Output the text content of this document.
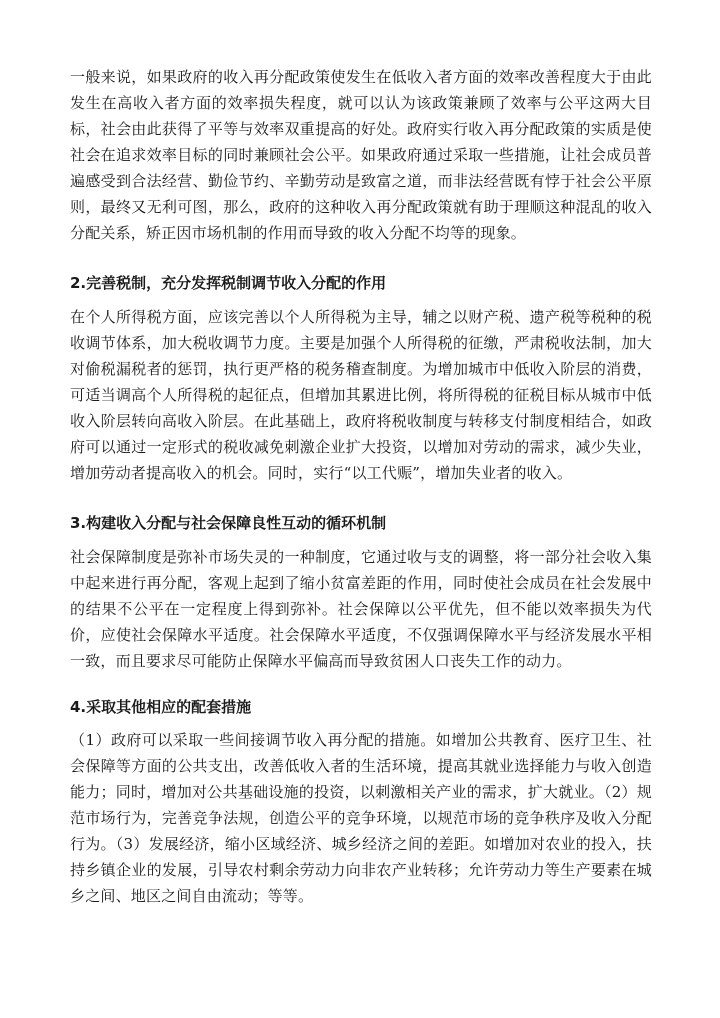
一般来说，如果政府的收入再分配政策使发生在低收入者方面的效率改善程度大于由此发生在高收入者方面的效率损失程度，就可以认为该政策兼顾了效率与公平这两大目标，社会由此获得了平等与效率双重提高的好处。政府实行收入再分配政策的实质是使社会在追求效率目标的同时兼顾社会公平。如果政府通过采取一些措施，让社会成员普遍感受到合法经营、勤俭节约、辛勤劳动是致富之道，而非法经营既有悖于社会公平原则，最终又无利可图，那么，政府的这种收入再分配政策就有助于理顺这种混乱的收入分配关系，矫正因市场机制的作用而导致的收入分配不均等的现象。

2.完善税制，充分发挥税制调节收入分配的作用

在个人所得税方面，应该完善以个人所得税为主导，辅之以财产税、遗产税等税种的税收调节体系，加大税收调节力度。主要是加强个人所得税的征缴，严肃税收法制，加大对偷税漏税者的惩罚，执行更严格的税务稽查制度。为增加城市中低收入阶层的消费，可适当调高个人所得税的起征点，但增加其累进比例，将所得税的征税目标从城市中低收入阶层转向高收入阶层。在此基础上，政府将税收制度与转移支付制度相结合，如政府可以通过一定形式的税收减免刺激企业扩大投资，以增加对劳动的需求，减少失业，增加劳动者提高收入的机会。同时，实行“以工代赈”，增加失业者的收入。

3.构建收入分配与社会保障良性互动的循环机制

社会保障制度是弥补市场失灵的一种制度，它通过收与支的调整，将一部分社会收入集中起来进行再分配，客观上起到了缩小贫富差距的作用，同时使社会成员在社会发展中的结果不公平在一定程度上得到弥补。社会保障以公平优先，但不能以效率损失为代价，应使社会保障水平适度。社会保障水平适度，不仅强调保障水平与经济发展水平相一致，而且要求尽可能防止保障水平偏高而导致贫困人口丧失工作的动力。

4.采取其他相应的配套措施

（1）政府可以采取一些间接调节收入再分配的措施。如增加公共教育、医疗卫生、社会保障等方面的公共支出，改善低收入者的生活环境，提高其就业选择能力与收入创造能力；同时，增加对公共基础设施的投资，以刺激相关产业的需求，扩大就业。（2）规范市场行为，完善竞争法规，创造公平的竞争环境，以规范市场的竞争秩序及收入分配行为。（3）发展经济，缩小区域经济、城乡经济之间的差距。如增加对农业的投入，扶持乡镇企业的发展，引导农村剩余劳动力向非农产业转移；允许劳动力等生产要素在城乡之间、地区之间自由流动；等等。
